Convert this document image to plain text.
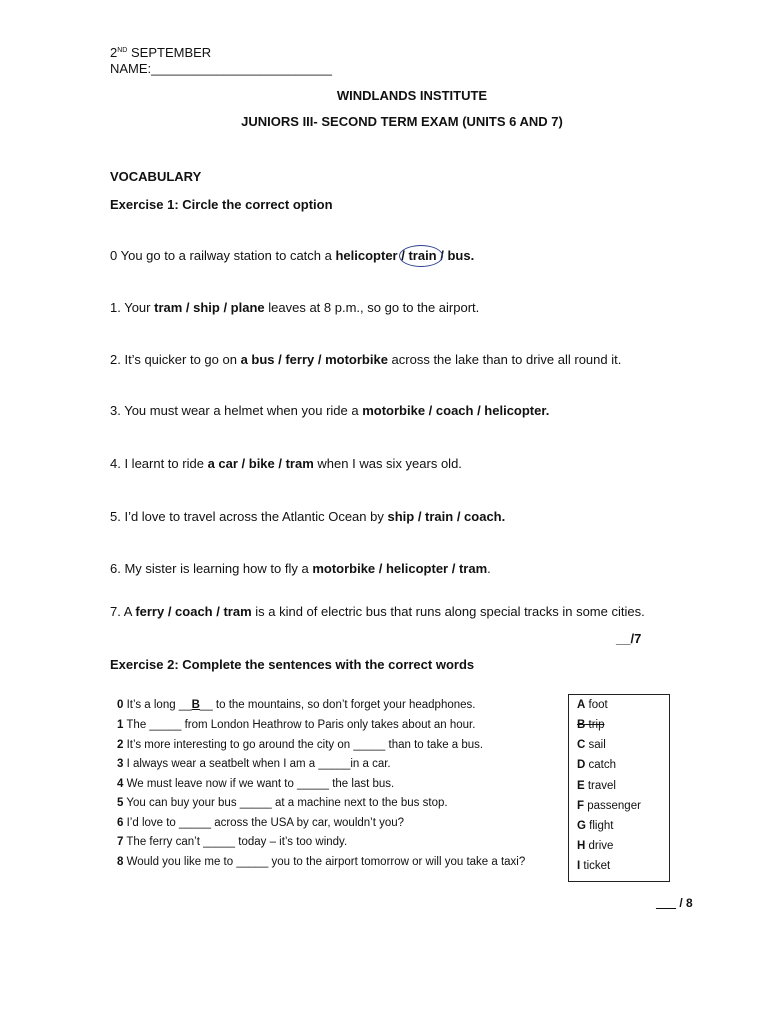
2ND SEPTEMBER
NAME:_________________________
WINDLANDS INSTITUTE
JUNIORS III- SECOND TERM EXAM (UNITS 6 AND 7)
VOCABULARY
Exercise 1: Circle the correct option
0 You go to a railway station to catch a helicopter / train / bus.
1. Your tram / ship / plane leaves at 8 p.m., so go to the airport.
2. It’s quicker to go on a bus / ferry / motorbike across the lake than to drive all round it.
3. You must wear a helmet when you ride a motorbike / coach / helicopter.
4. I learnt to ride a car / bike / tram when I was six years old.
5. I’d love to travel across the Atlantic Ocean by ship / train / coach.
6. My sister is learning how to fly a motorbike / helicopter / tram.
7. A ferry / coach / tram is a kind of electric bus that runs along special tracks in some cities.
__/7
Exercise 2: Complete the sentences with the correct words
0 It’s a long __B__ to the mountains, so don’t forget your headphones.
1 The _____ from London Heathrow to Paris only takes about an hour.
2 It’s more interesting to go around the city on _____ than to take a bus.
3 I always wear a seatbelt when I am a _____in a car.
4 We must leave now if we want to _____ the last bus.
5 You can buy your bus _____ at a machine next to the bus stop.
6 I’d love to _____ across the USA by car, wouldn’t you?
7 The ferry can’t _____ today – it’s too windy.
8 Would you like me to _____ you to the airport tomorrow or will you take a taxi?
A foot
B trip
C sail
D catch
E travel
F passenger
G flight
H drive
I ticket
___ / 8
